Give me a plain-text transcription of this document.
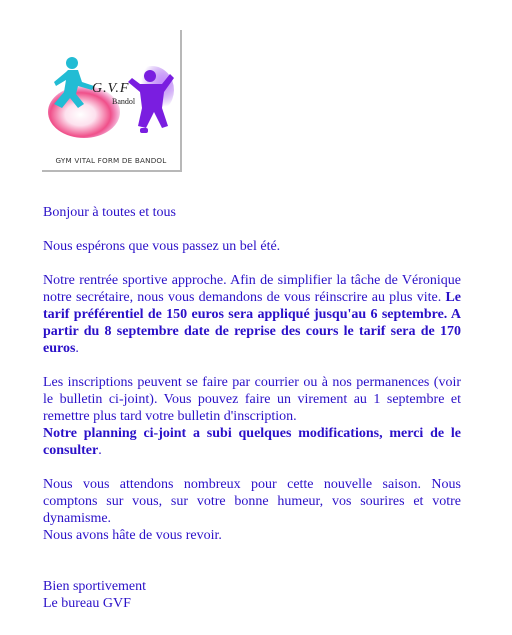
G.V.F
Bandol
GYM VITAL FORM DE BANDOL

Bonjour à toutes et tous

Nous espérons que vous passez un bel été.

Notre rentrée sportive approche. Afin de simplifier la tâche de Véronique notre secrétaire, nous vous demandons de vous réinscrire au plus vite. Le tarif préférentiel de 150 euros sera appliqué jusqu'au 6 septembre. A partir du 8 septembre date de reprise des cours le tarif sera de 170 euros.

Les inscriptions peuvent se faire par courrier ou à nos permanences (voir le bulletin ci-joint). Vous pouvez faire un virement au 1 septembre et remettre plus tard votre bulletin d'inscription.

Notre planning ci-joint a subi quelques modifications, merci de le consulter.

Nous vous attendons nombreux pour cette nouvelle saison. Nous comptons sur vous, sur votre bonne humeur, vos sourires et votre dynamisme.

Nous avons hâte de vous revoir.

Bien sportivement

Le bureau GVF
